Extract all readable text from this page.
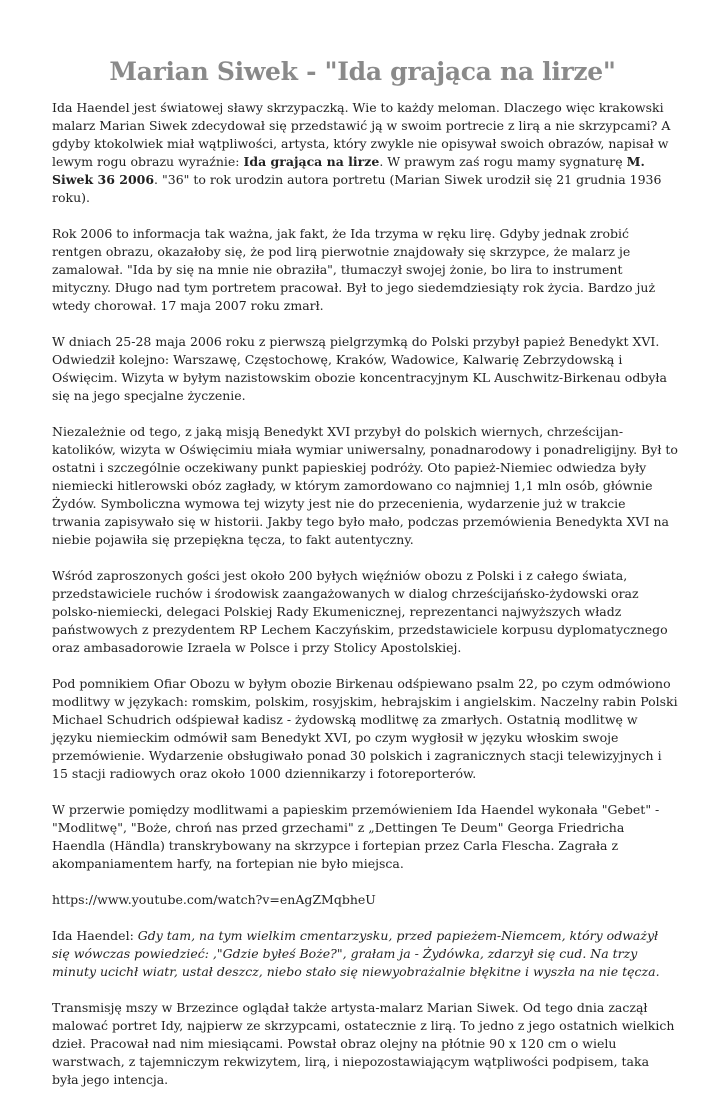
Marian Siwek - "Ida grająca na lirze"

Ida Haendel jest światowej sławy skrzypaczką. Wie to każdy meloman. Dlaczego więc krakowski malarz Marian Siwek zdecydował się przedstawić ją w swoim portrecie z lirą a nie skrzypcami? A gdyby ktokolwiek miał wątpliwości, artysta, który zwykle nie opisywał swoich obrazów, napisał w lewym rogu obrazu wyraźnie: Ida grająca na lirze. W prawym zaś rogu mamy sygnaturę M. Siwek 36 2006. "36" to rok urodzin autora portretu (Marian Siwek urodził się 21 grudnia 1936 roku).

Rok 2006 to informacja tak ważna, jak fakt, że Ida trzyma w ręku lirę. Gdyby jednak zrobić rentgen obrazu, okazałoby się, że pod lirą pierwotnie znajdowały się skrzypce, że malarz je zamalował. "Ida by się na mnie nie obraziła", tłumaczył swojej żonie, bo lira to instrument mityczny. Długo nad tym portretem pracował. Był to jego siedemdziesiąty rok życia. Bardzo już wtedy chorował. 17 maja 2007 roku zmarł.

W dniach 25-28 maja 2006 roku z pierwszą pielgrzymką do Polski przybył papież Benedykt XVI. Odwiedził kolejno: Warszawę, Częstochowę, Kraków, Wadowice, Kalwarię Zebrzydowską i Oświęcim. Wizyta w byłym nazistowskim obozie koncentracyjnym KL Auschwitz-Birkenau odbyła się na jego specjalne życzenie.

Niezależnie od tego, z jaką misją Benedykt XVI przybył do polskich wiernych, chrześcijan-katolików, wizyta w Oświęcimiu miała wymiar uniwersalny, ponadnarodowy i ponadreligijny. Był to ostatni i szczególnie oczekiwany punkt papieskiej podróży. Oto papież-Niemiec odwiedza były niemiecki hitlerowski obóz zagłady, w którym zamordowano co najmniej 1,1 mln osób, głównie Żydów. Symboliczna wymowa tej wizyty jest nie do przecenienia, wydarzenie już w trakcie trwania zapisywało się w historii. Jakby tego było mało, podczas przemówienia Benedykta XVI na niebie pojawiła się przepiękna tęcza, to fakt autentyczny.

Wśród zaproszonych gości jest około 200 byłych więźniów obozu z Polski i z całego świata, przedstawiciele ruchów i środowisk zaangażowanych w dialog chrześcijańsko-żydowski oraz polsko-niemiecki, delegaci Polskiej Rady Ekumenicznej, reprezentanci najwyższych władz państwowych z prezydentem RP Lechem Kaczyńskim, przedstawiciele korpusu dyplomatycznego oraz ambasadorowie Izraela w Polsce i przy Stolicy Apostolskiej.

Pod pomnikiem Ofiar Obozu w byłym obozie Birkenau odśpiewano psalm 22, po czym odmówiono modlitwy w językach: romskim, polskim, rosyjskim, hebrajskim i angielskim. Naczelny rabin Polski Michael Schudrich odśpiewał kadisz - żydowską modlitwę za zmarłych. Ostatnią modlitwę w języku niemieckim odmówił sam Benedykt XVI, po czym wygłosił w języku włoskim swoje przemówienie. Wydarzenie obsługiwało ponad 30 polskich i zagranicznych stacji telewizyjnych i 15 stacji radiowych oraz około 1000 dziennikarzy i fotoreporterów.

W przerwie pomiędzy modlitwami a papieskim przemówieniem Ida Haendel wykonała "Gebet" - "Modlitwę", "Boże, chroń nas przed grzechami" z „Dettingen Te Deum" Georga Friedricha Haendla (Händla) transkrybowany na skrzypce i fortepian przez Carla Flescha. Zagrała z akompaniamentem harfy, na fortepian nie było miejsca.

https://www.youtube.com/watch?v=enAgZMqbheU

Ida Haendel: Gdy tam, na tym wielkim cmentarzysku, przed papieżem-Niemcem, który odważył się wówczas powiedzieć: ,"Gdzie byłeś Boże?", grałam ja - Żydówka, zdarzył się cud. Na trzy minuty ucichł wiatr, ustał deszcz, niebo stało się niewyobrażalnie błękitne i wyszła na nie tęcza.

Transmisję mszy w Brzezince oglądał także artysta-malarz Marian Siwek. Od tego dnia zaczął malować portret Idy, najpierw ze skrzypcami, ostatecznie z lirą. To jedno z jego ostatnich wielkich dzieł. Pracował nad nim miesiącami. Powstał obraz olejny na płótnie 90 x 120 cm o wielu warstwach, z tajemniczym rekwizytem, lirą, i niepozostawiającym wątpliwości podpisem, taka była jego intencja.
